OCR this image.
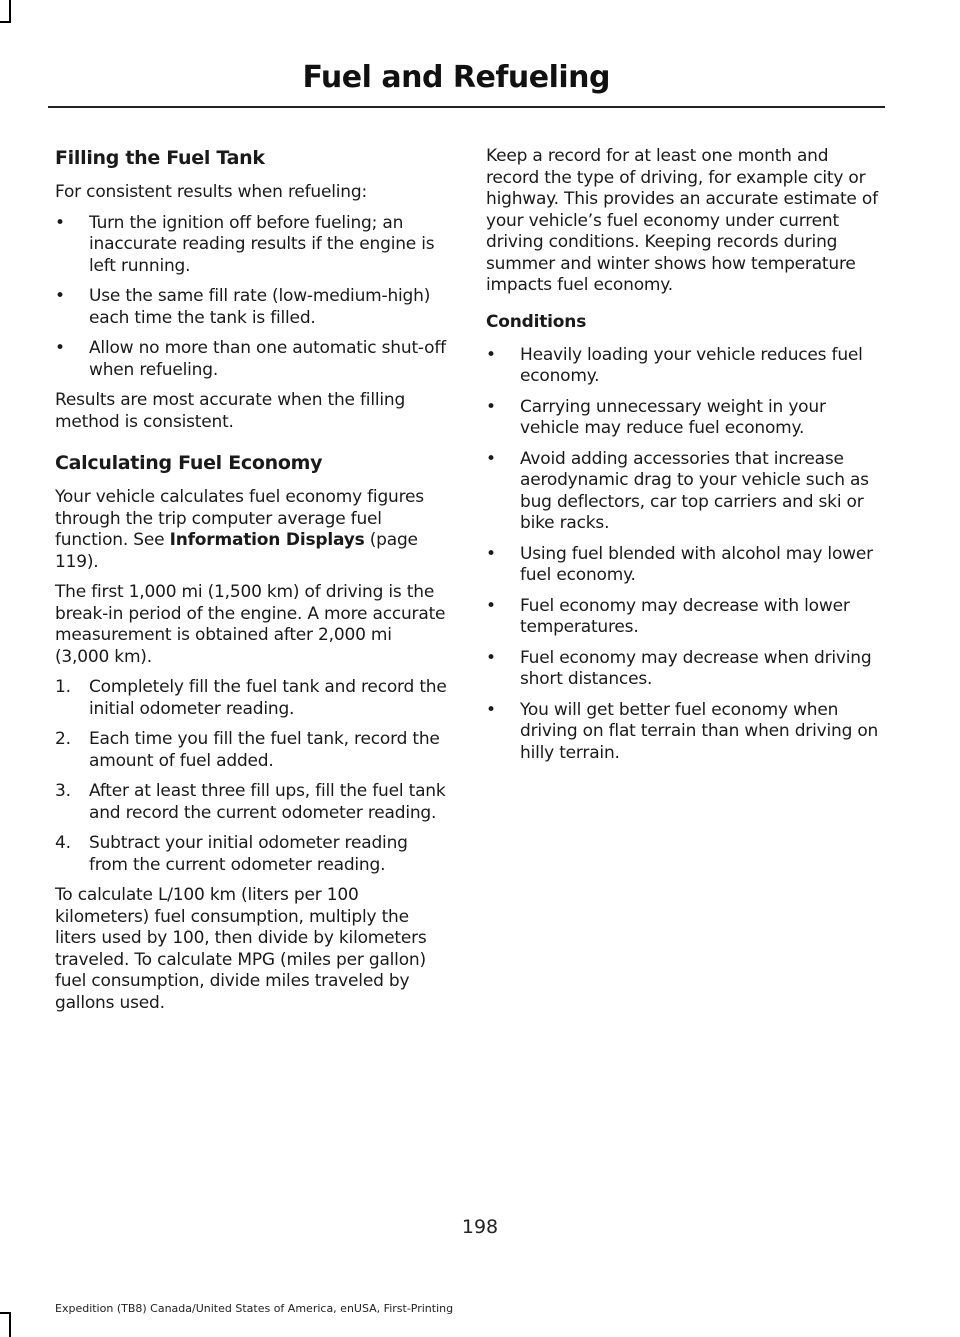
Fuel and Refueling
Filling the Fuel Tank

For consistent results when refueling:

• Turn the ignition off before fueling; an inaccurate reading results if the engine is left running.
• Use the same fill rate (low-medium-high) each time the tank is filled.
• Allow no more than one automatic shut-off when refueling.

Results are most accurate when the filling method is consistent.

Calculating Fuel Economy

Your vehicle calculates fuel economy figures through the trip computer average fuel function. See Information Displays (page 119).

The first 1,000 mi (1,500 km) of driving is the break-in period of the engine. A more accurate measurement is obtained after 2,000 mi (3,000 km).

1. Completely fill the fuel tank and record the initial odometer reading.
2. Each time you fill the fuel tank, record the amount of fuel added.
3. After at least three fill ups, fill the fuel tank and record the current odometer reading.
4. Subtract your initial odometer reading from the current odometer reading.

To calculate L/100 km (liters per 100 kilometers) fuel consumption, multiply the liters used by 100, then divide by kilometers traveled. To calculate MPG (miles per gallon) fuel consumption, divide miles traveled by gallons used.

Keep a record for at least one month and record the type of driving, for example city or highway. This provides an accurate estimate of your vehicle’s fuel economy under current driving conditions. Keeping records during summer and winter shows how temperature impacts fuel economy.

Conditions
• Heavily loading your vehicle reduces fuel economy.
• Carrying unnecessary weight in your vehicle may reduce fuel economy.
• Avoid adding accessories that increase aerodynamic drag to your vehicle such as bug deflectors, car top carriers and ski or bike racks.
• Using fuel blended with alcohol may lower fuel economy.
• Fuel economy may decrease with lower temperatures.
• Fuel economy may decrease when driving short distances.
• You will get better fuel economy when driving on flat terrain than when driving on hilly terrain.
198
Expedition (TB8) Canada/United States of America, enUSA, First-Printing
